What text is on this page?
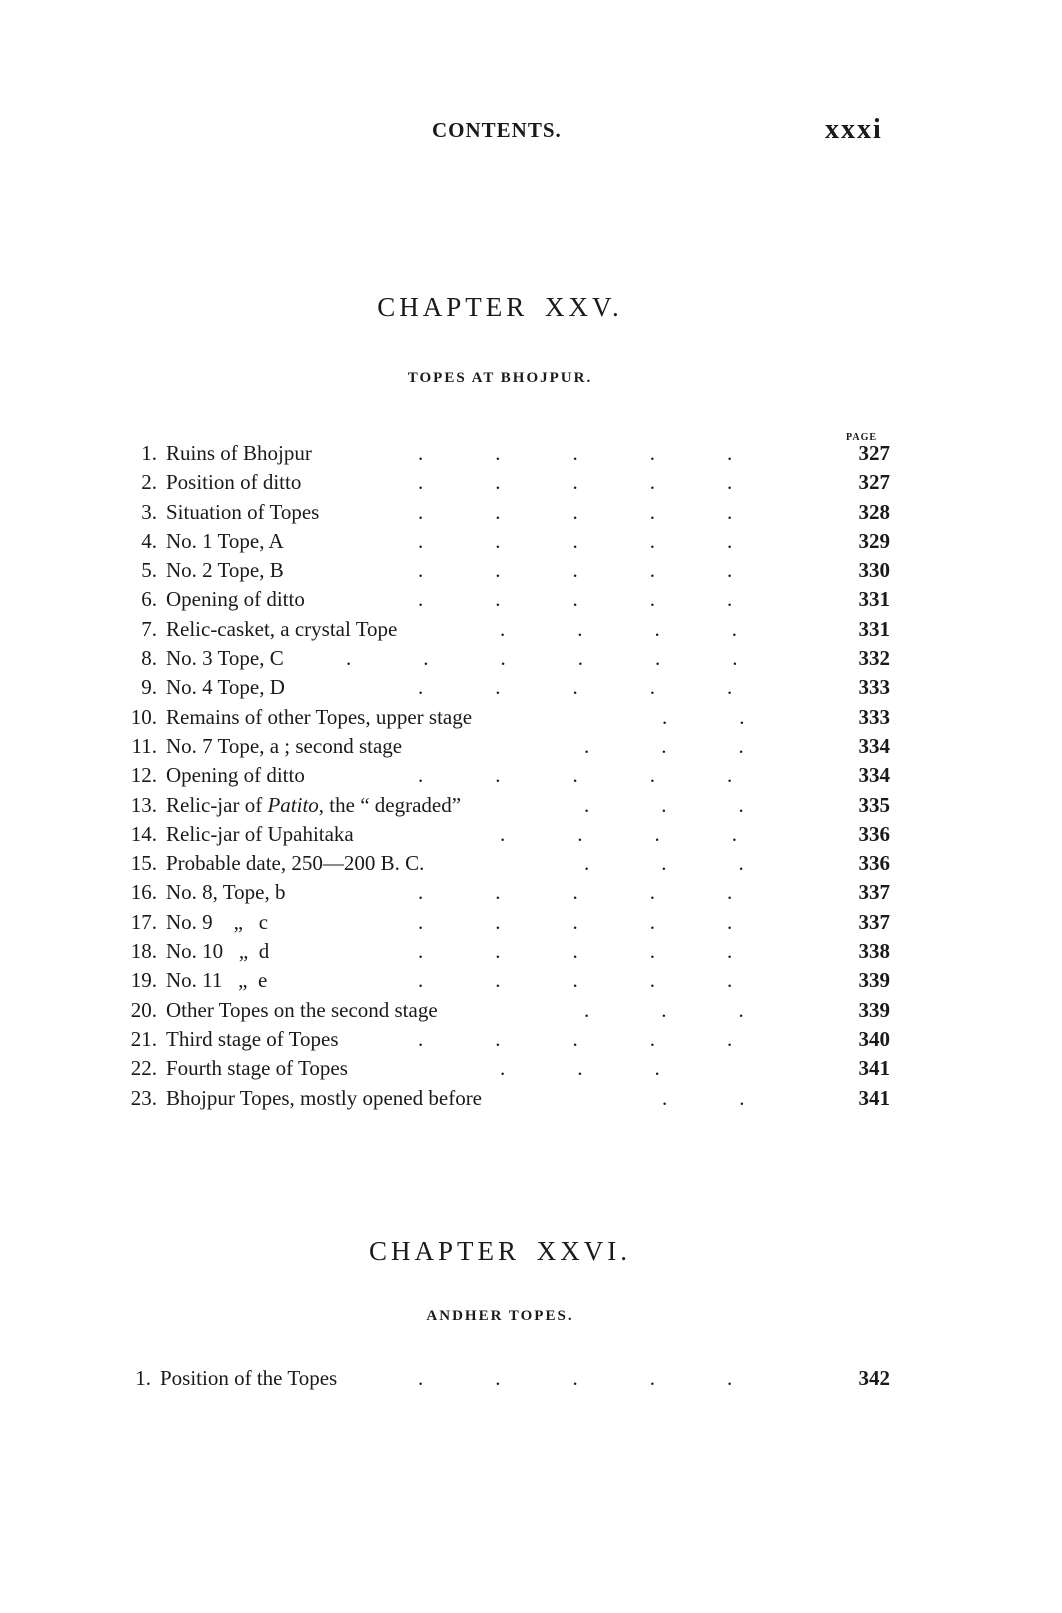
CONTENTS.	xxxi
CHAPTER XXV.
TOPES AT BHOJPUR.
PAGE
1. Ruins of Bhojpur	.....	327
2. Position of ditto	.....	327
3. Situation of Topes	.....	328
4. No. 1 Tope, A	.....	329
5. No. 2 Tope, B	.....	330
6. Opening of ditto	.....	331
7. Relic-casket, a crystal Tope	....	331
8. No. 3 Tope, C	......	332
9. No. 4 Tope, D	.....	333
10. Remains of other Topes, upper stage	..	333
11. No. 7 Tope, a ; second stage	...	334
12. Opening of ditto	.....	334
13. Relic-jar of Patito, the “ degraded”	...	335
14. Relic-jar of Upahitaka	....	336
15. Probable date, 250—200 B. C.	...	336
16. No. 8, Tope, b	.....	337
17. No. 9    „   c	.....	337
18. No. 10   „  d	.....	338
19. No. 11   „  e	.....	339
20. Other Topes on the second stage	...	339
21. Third stage of Topes	.....	340
22. Fourth stage of Topes	...	341
23. Bhojpur Topes, mostly opened before	..	341
CHAPTER XXVI.
ANDHER TOPES.
1. Position of the Topes	.....	342
